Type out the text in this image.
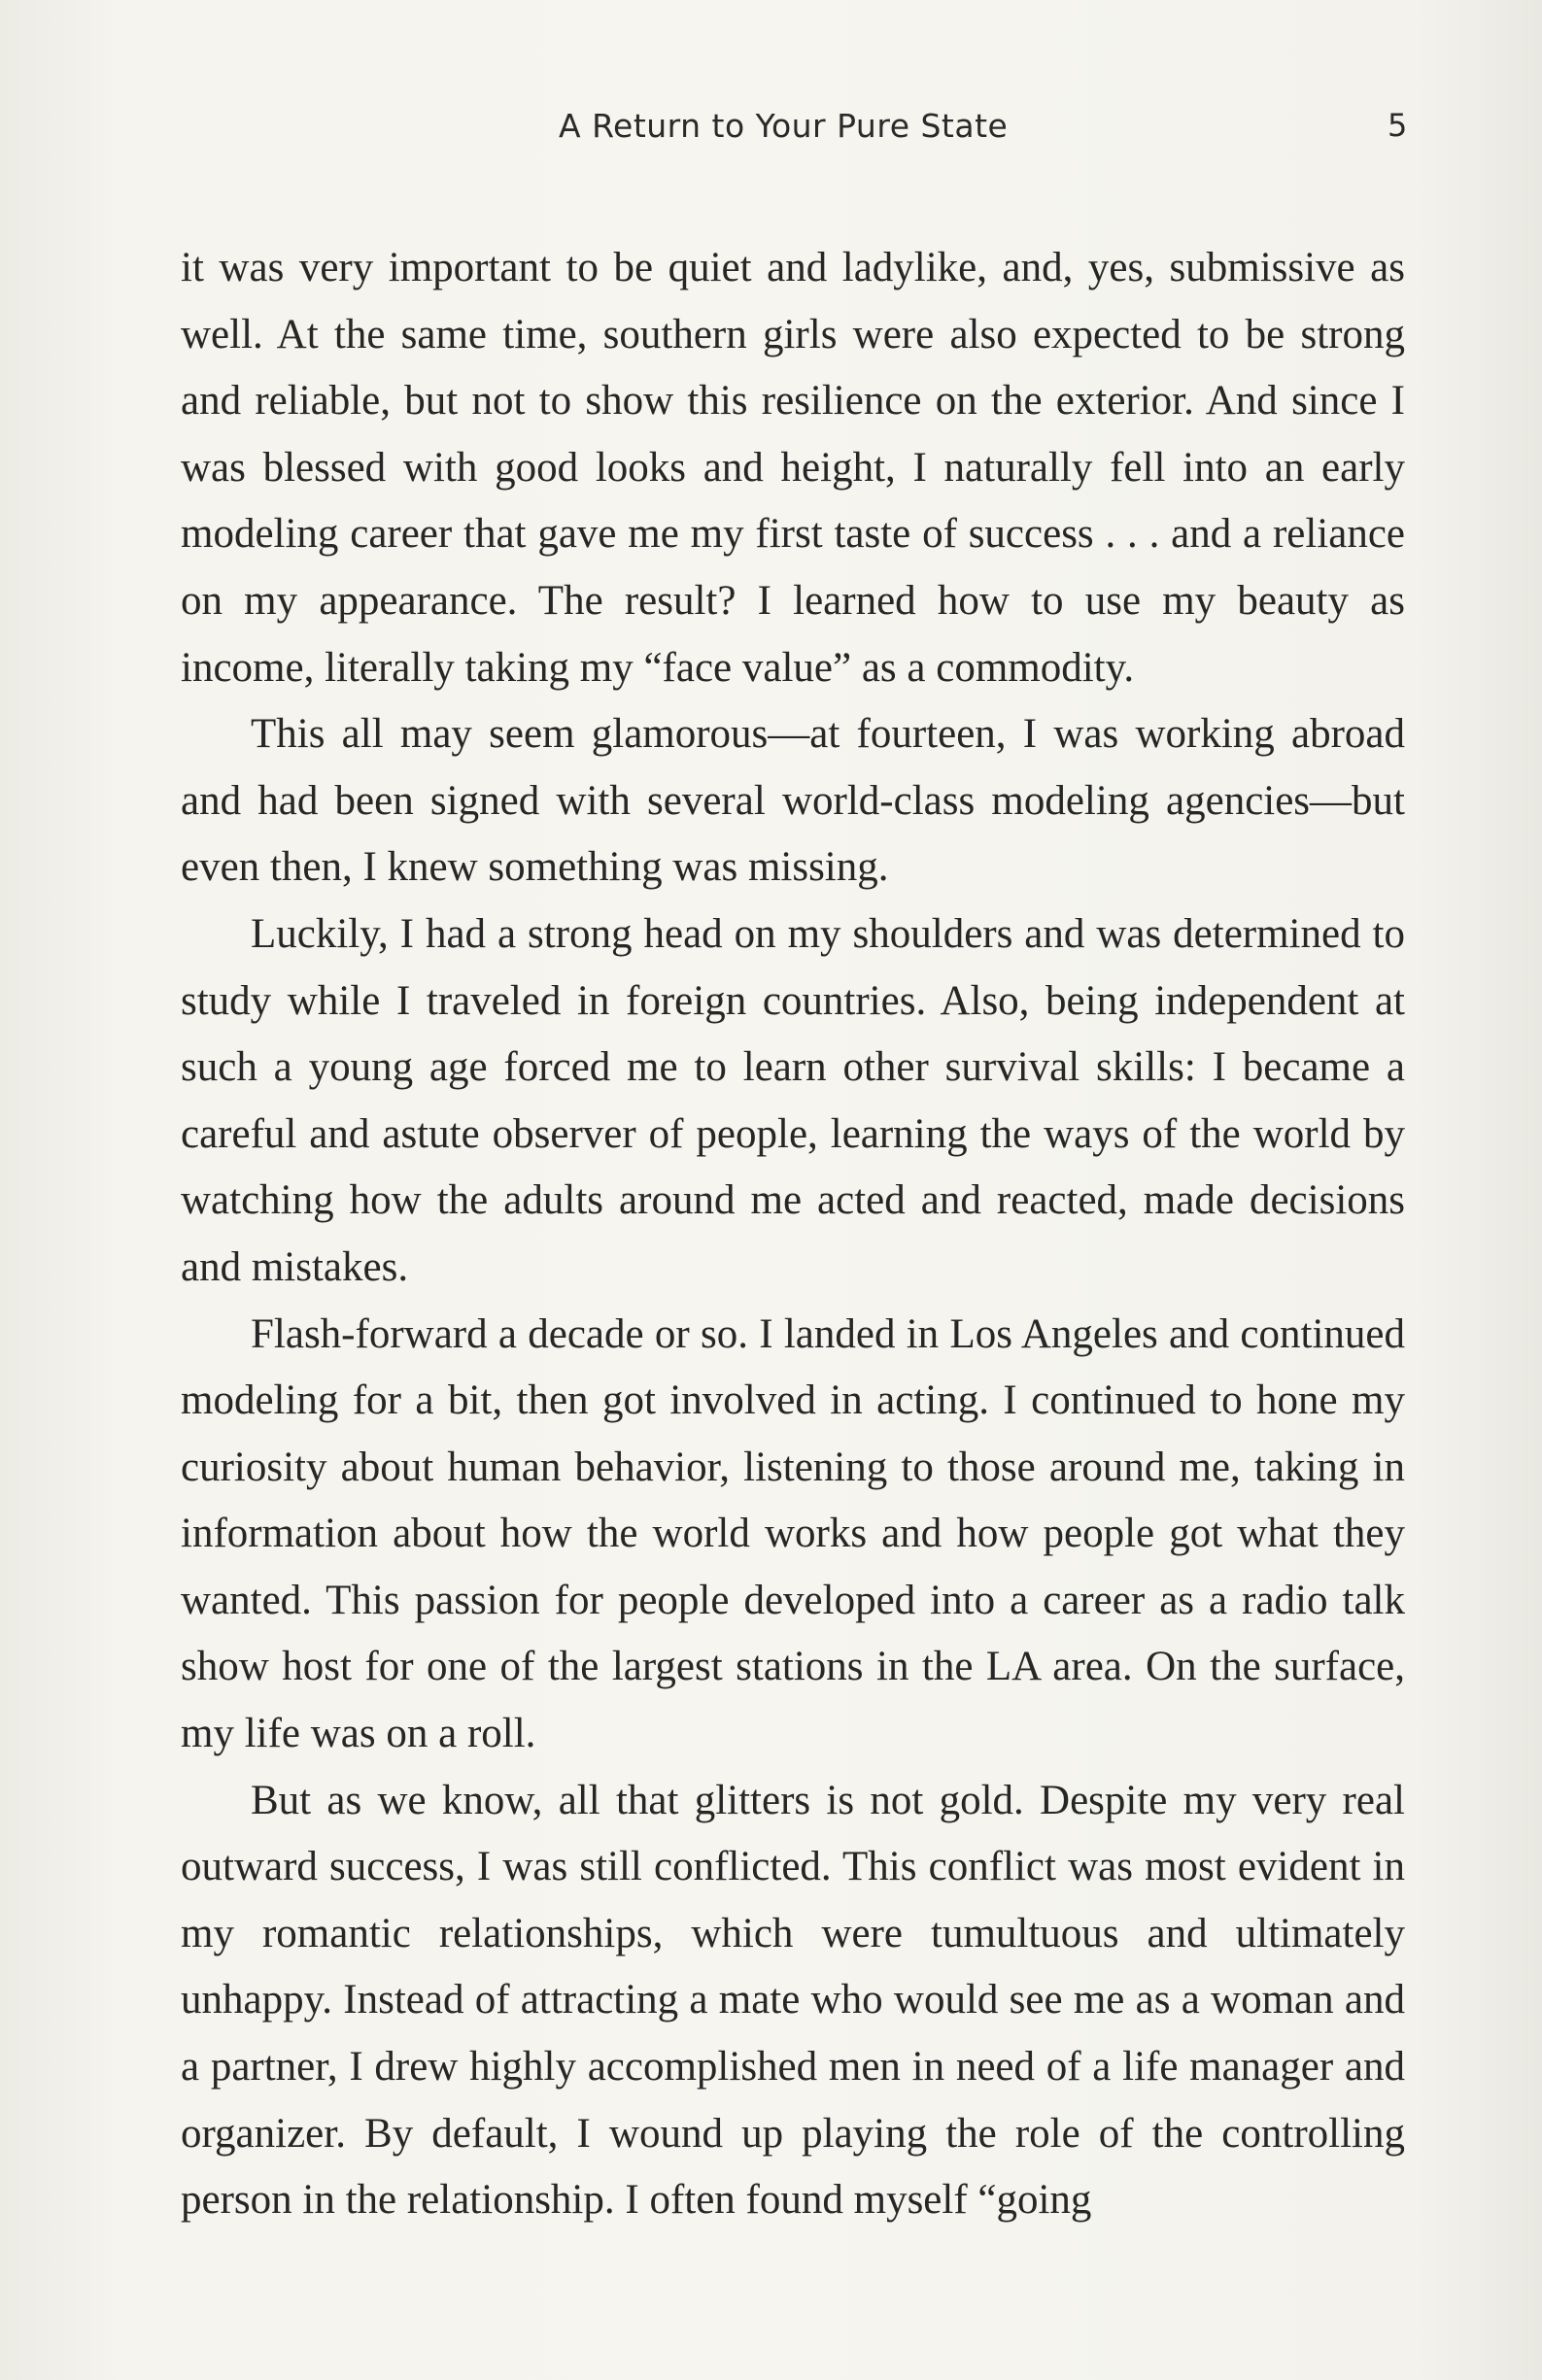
A Return to Your Pure State	5

it was very important to be quiet and ladylike, and, yes, submissive as well. At the same time, southern girls were also expected to be strong and reliable, but not to show this resilience on the exterior. And since I was blessed with good looks and height, I naturally fell into an early modeling career that gave me my first taste of success . . . and a reliance on my appearance. The result? I learned how to use my beauty as income, literally taking my “face value” as a commodity.

This all may seem glamorous—at fourteen, I was working abroad and had been signed with several world-class modeling agencies—but even then, I knew something was missing.

Luckily, I had a strong head on my shoulders and was determined to study while I traveled in foreign countries. Also, being independent at such a young age forced me to learn other survival skills: I became a careful and astute observer of people, learning the ways of the world by watching how the adults around me acted and reacted, made decisions and mistakes.

Flash-forward a decade or so. I landed in Los Angeles and continued modeling for a bit, then got involved in acting. I continued to hone my curiosity about human behavior, listening to those around me, taking in information about how the world works and how people got what they wanted. This passion for people developed into a career as a radio talk show host for one of the largest stations in the LA area. On the surface, my life was on a roll.

But as we know, all that glitters is not gold. Despite my very real outward success, I was still conflicted. This conflict was most evident in my romantic relationships, which were tumultuous and ultimately unhappy. Instead of attracting a mate who would see me as a woman and a partner, I drew highly accomplished men in need of a life manager and organizer. By default, I wound up playing the role of the controlling person in the relationship. I often found myself “going
